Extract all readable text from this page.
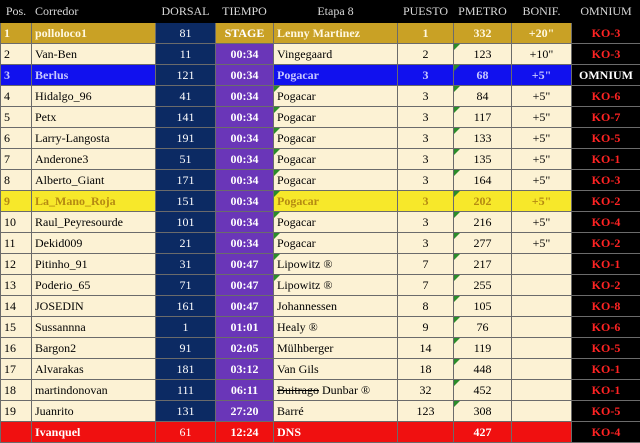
Pos.	Corredor	DORSAL	TIEMPO	Etapa 8	PUESTO	PMETRO	BONIF.	OMNIUM
1	polloloco1	81	STAGE	Lenny Martinez	1	332	+20"	KO-3
2	Van-Ben	11	00:34	Vingegaard	2	123	+10"	KO-3
3	Berlus	121	00:34	Pogacar	3	68	+5"	OMNIUM
4	Hidalgo_96	41	00:34	Pogacar	3	84	+5"	KO-6
5	Petx	141	00:34	Pogacar	3	117	+5"	KO-7
6	Larry-Langosta	191	00:34	Pogacar	3	133	+5"	KO-5
7	Anderone3	51	00:34	Pogacar	3	135	+5"	KO-1
8	Alberto_Giant	171	00:34	Pogacar	3	164	+5"	KO-3
9	La_Mano_Roja	151	00:34	Pogacar	3	202	+5"	KO-2
10	Raul_Peyresourde	101	00:34	Pogacar	3	216	+5"	KO-4
11	Dekid009	21	00:34	Pogacar	3	277	+5"	KO-2
12	Pitinho_91	31	00:47	Lipowitz ®	7	217		KO-1
13	Poderio_65	71	00:47	Lipowitz ®	7	255		KO-2
14	JOSEDIN	161	00:47	Johannessen	8	105		KO-8
15	Sussannna	1	01:01	Healy ®	9	76		KO-6
16	Bargon2	91	02:05	Mülhberger	14	119		KO-5
17	Alvarakas	181	03:12	Van Gils	18	448		KO-1
18	martindonovan	111	06:11	Buitrago Dunbar ®	32	452		KO-1
19	Juanrito	131	27:20	Barré	123	308		KO-5
	Ivanquel	61	12:24	DNS		427		KO-4
